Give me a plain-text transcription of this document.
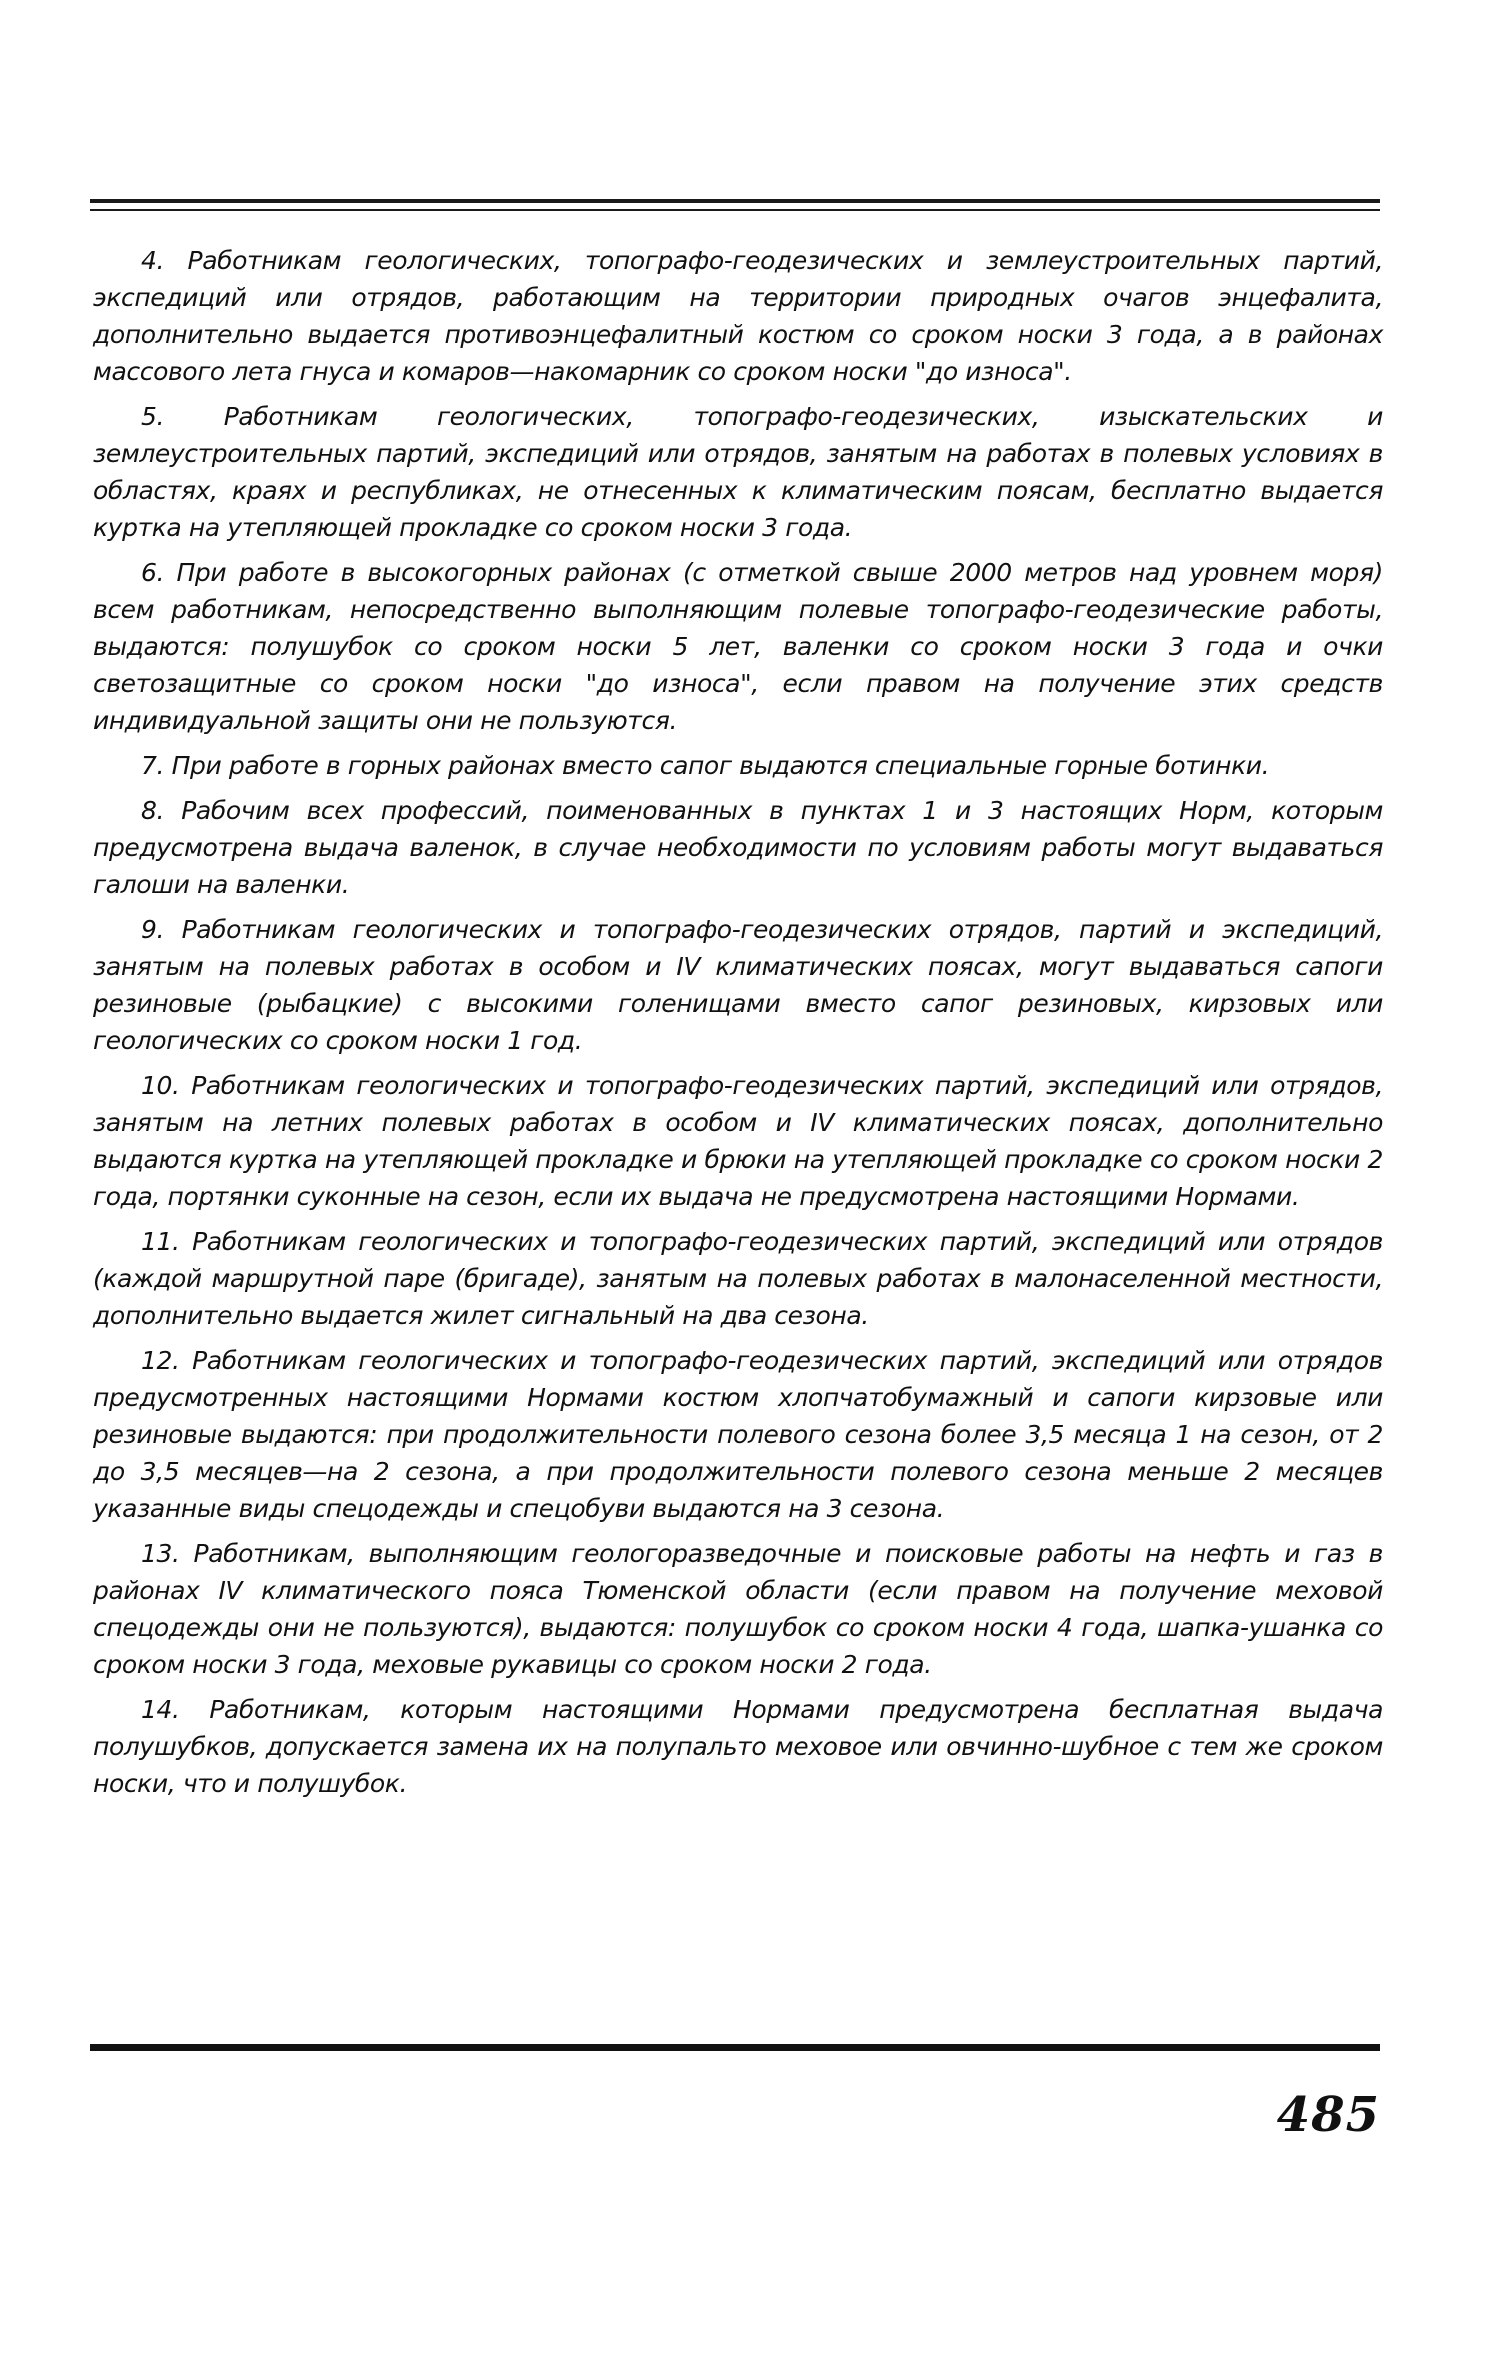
4. Работникам геологических, топографо-геодезических и землеустроительных партий, экспедиций или отрядов, работающим на территории природных очагов энцефалита, дополнительно выдается противоэнцефалитный костюм со сроком носки 3 года, а в районах массового лета гнуса и комаров—накомарник со сроком носки "до износа".

5. Работникам геологических, топографо-геодезических, изыскательских и землеустроительных партий, экспедиций или отрядов, занятым на работах в полевых условиях в областях, краях и республиках, не отнесенных к климатическим поясам, бесплатно выдается куртка на утепляющей прокладке со сроком носки 3 года.

6. При работе в высокогорных районах (с отметкой свыше 2000 метров над уровнем моря) всем работникам, непосредственно выполняющим полевые топографо-геодезические работы, выдаются: полушубок со сроком носки 5 лет, валенки со сроком носки 3 года и очки светозащитные со сроком носки "до износа", если правом на получение этих средств индивидуальной защиты они не пользуются.

7. При работе в горных районах вместо сапог выдаются специальные горные ботинки.

8. Рабочим всех профессий, поименованных в пунктах 1 и 3 настоящих Норм, которым предусмотрена выдача валенок, в случае необходимости по условиям работы могут выдаваться галоши на валенки.

9. Работникам геологических и топографо-геодезических отрядов, партий и экспедиций, занятым на полевых работах в особом и IV климатических поясах, могут выдаваться сапоги резиновые (рыбацкие) с высокими голенищами вместо сапог резиновых, кирзовых или геологических со сроком носки 1 год.

10. Работникам геологических и топографо-геодезических партий, экспедиций или отрядов, занятым на летних полевых работах в особом и IV климатических поясах, дополнительно выдаются куртка на утепляющей прокладке и брюки на утепляющей прокладке со сроком носки 2 года, портянки суконные на сезон, если их выдача не предусмотрена настоящими Нормами.

11. Работникам геологических и топографо-геодезических партий, экспедиций или отрядов (каждой маршрутной паре (бригаде), занятым на полевых работах в малонаселенной местности, дополнительно выдается жилет сигнальный на два сезона.

12. Работникам геологических и топографо-геодезических партий, экспедиций или отрядов предусмотренных настоящими Нормами костюм хлопчатобумажный и сапоги кирзовые или резиновые выдаются: при продолжительности полевого сезона более 3,5 месяца 1 на сезон, от 2 до 3,5 месяцев—на 2 сезона, а при продолжительности полевого сезона меньше 2 месяцев указанные виды спецодежды и спецобуви выдаются на 3 сезона.

13. Работникам, выполняющим геологоразведочные и поисковые работы на нефть и газ в районах IV климатического пояса Тюменской области (если правом на получение меховой спецодежды они не пользуются), выдаются: полушубок со сроком носки 4 года, шапка-ушанка со сроком носки 3 года, меховые рукавицы со сроком носки 2 года.

14. Работникам, которым настоящими Нормами предусмотрена бесплатная выдача полушубков, допускается замена их на полупальто меховое или овчинно-шубное с тем же сроком носки, что и полушубок.

485
